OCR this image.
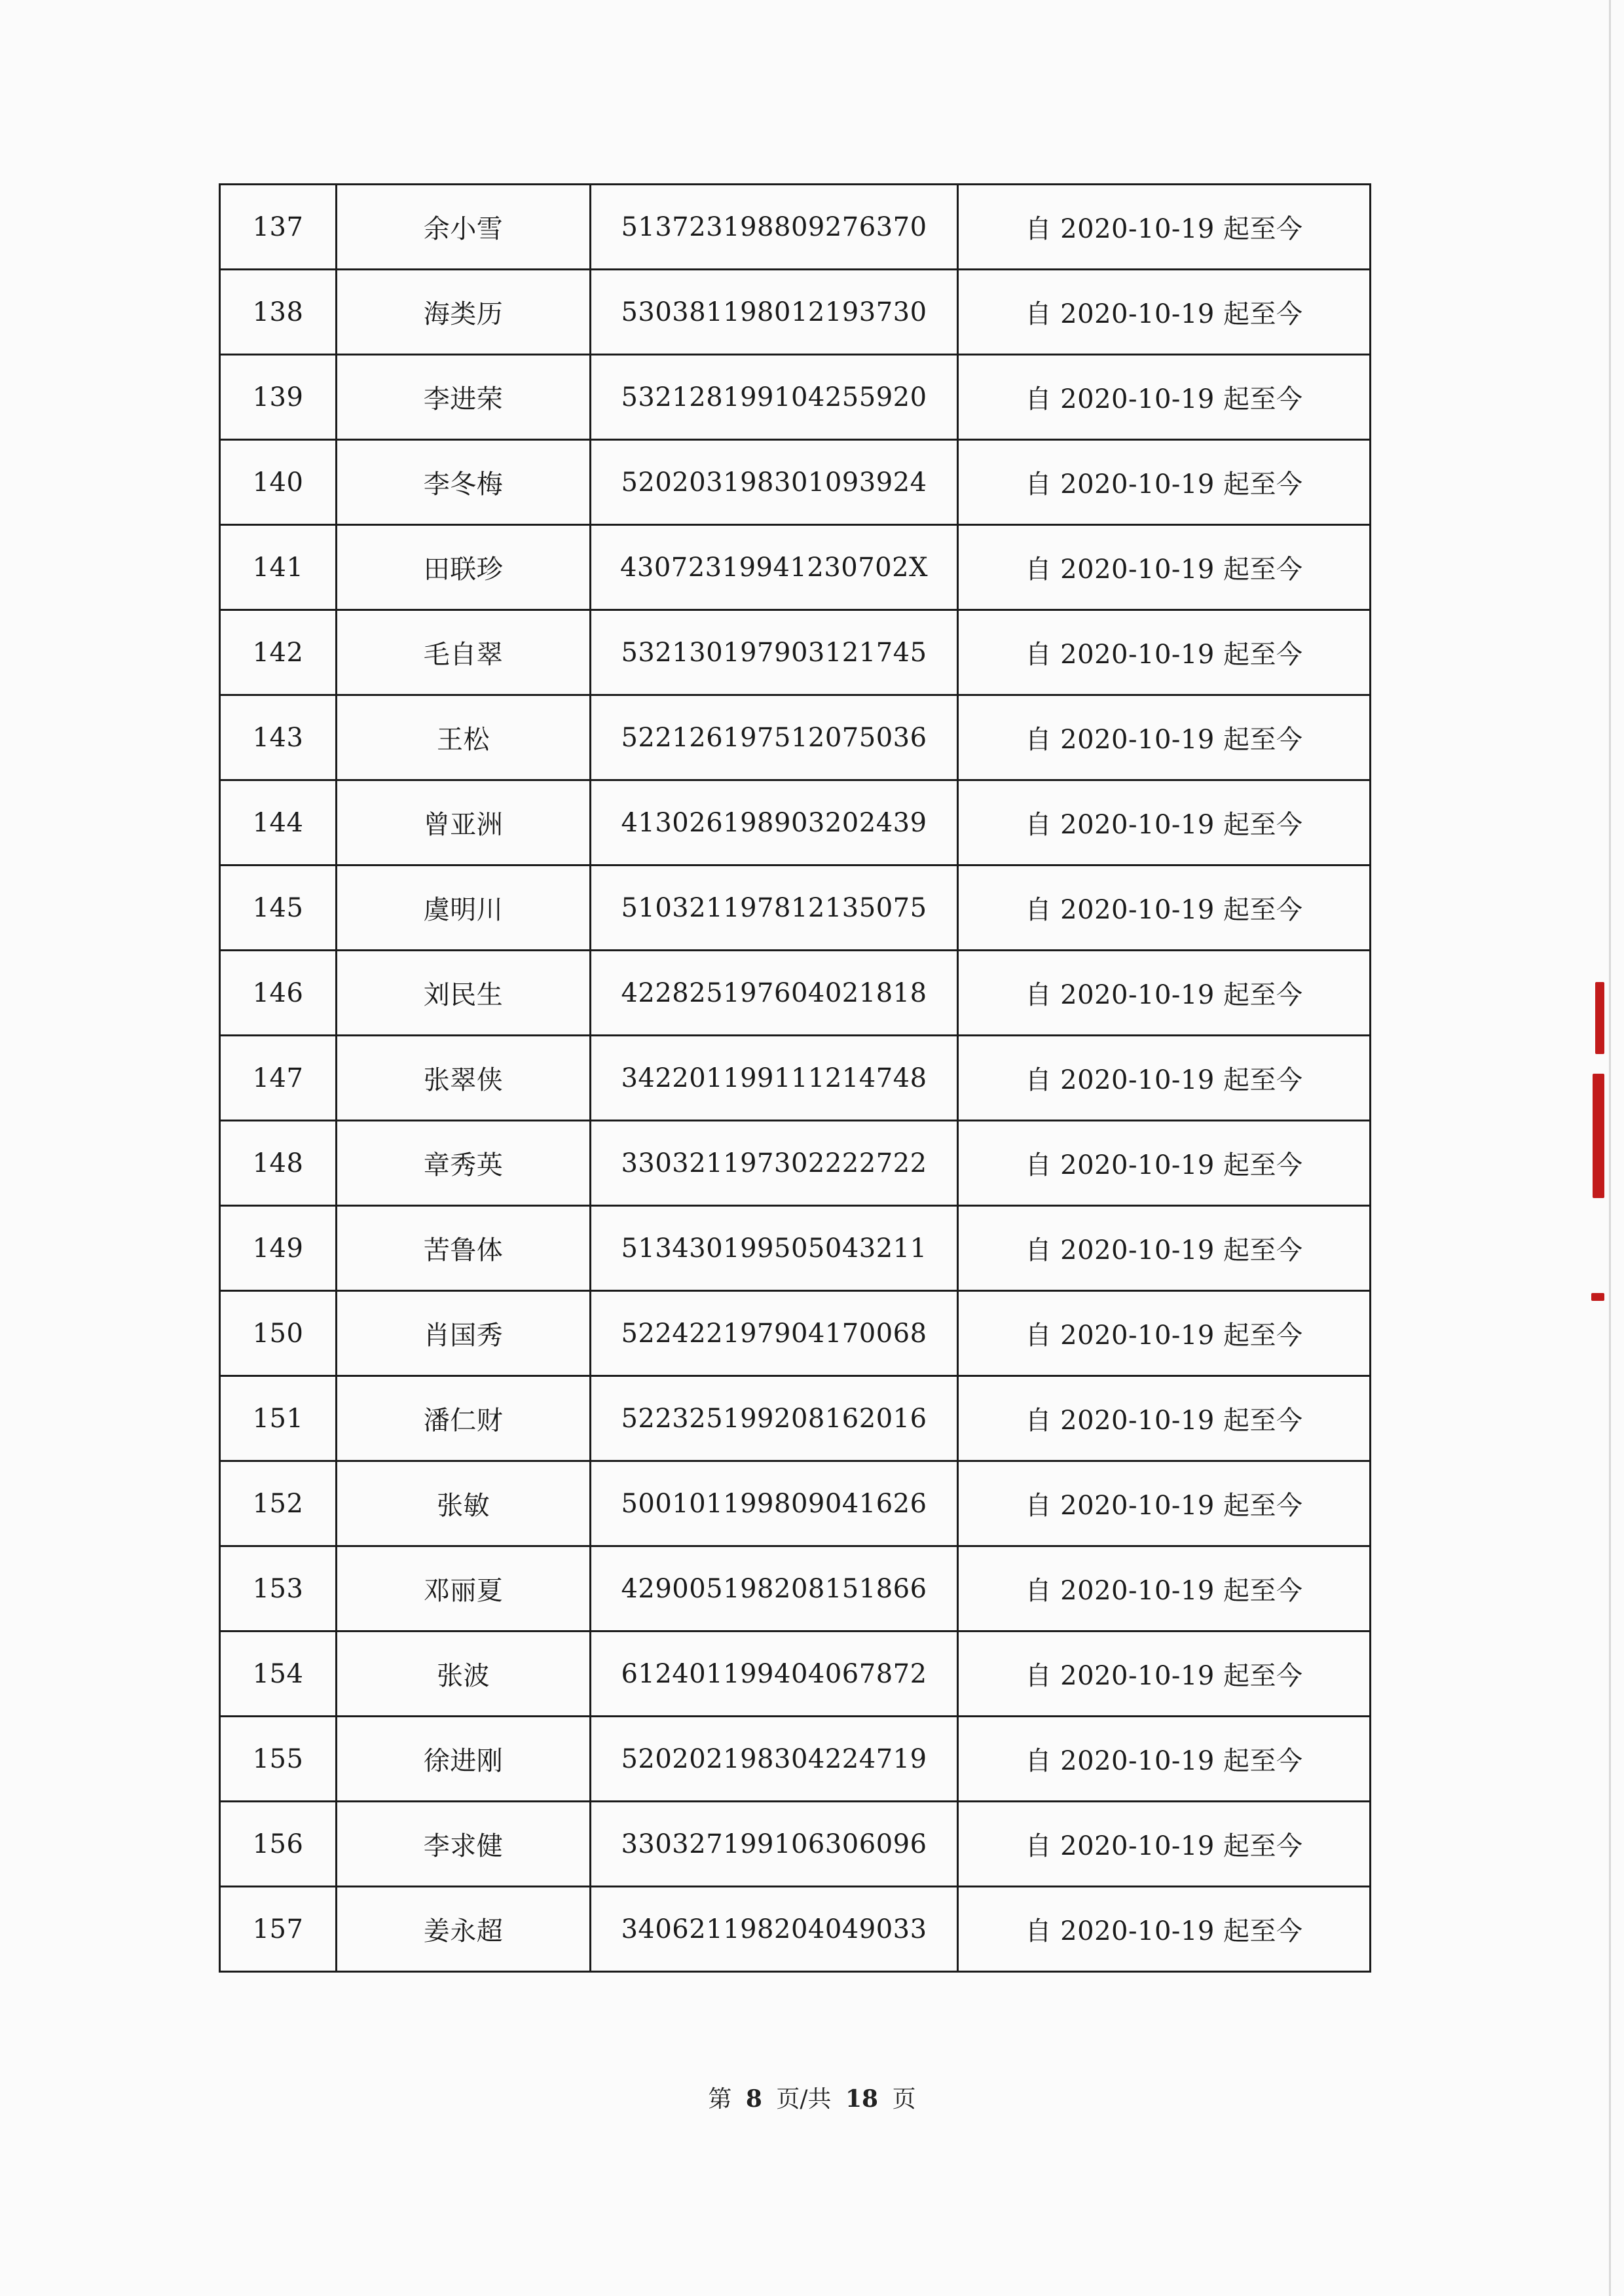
137	余小雪	513723198809276370	自 2020-10-19 起至今
138	海类历	530381198012193730	自 2020-10-19 起至今
139	李进荣	532128199104255920	自 2020-10-19 起至今
140	李冬梅	520203198301093924	自 2020-10-19 起至今
141	田联珍	43072319941230702X	自 2020-10-19 起至今
142	毛自翠	532130197903121745	自 2020-10-19 起至今
143	王松	522126197512075036	自 2020-10-19 起至今
144	曾亚洲	413026198903202439	自 2020-10-19 起至今
145	虞明川	510321197812135075	自 2020-10-19 起至今
146	刘民生	422825197604021818	自 2020-10-19 起至今
147	张翠侠	342201199111214748	自 2020-10-19 起至今
148	章秀英	330321197302222722	自 2020-10-19 起至今
149	苦鲁体	513430199505043211	自 2020-10-19 起至今
150	肖国秀	522422197904170068	自 2020-10-19 起至今
151	潘仁财	522325199208162016	自 2020-10-19 起至今
152	张敏	500101199809041626	自 2020-10-19 起至今
153	邓丽夏	429005198208151866	自 2020-10-19 起至今
154	张波	612401199404067872	自 2020-10-19 起至今
155	徐进刚	520202198304224719	自 2020-10-19 起至今
156	李求健	330327199106306096	自 2020-10-19 起至今
157	姜永超	340621198204049033	自 2020-10-19 起至今
第 8 页/共 18 页
